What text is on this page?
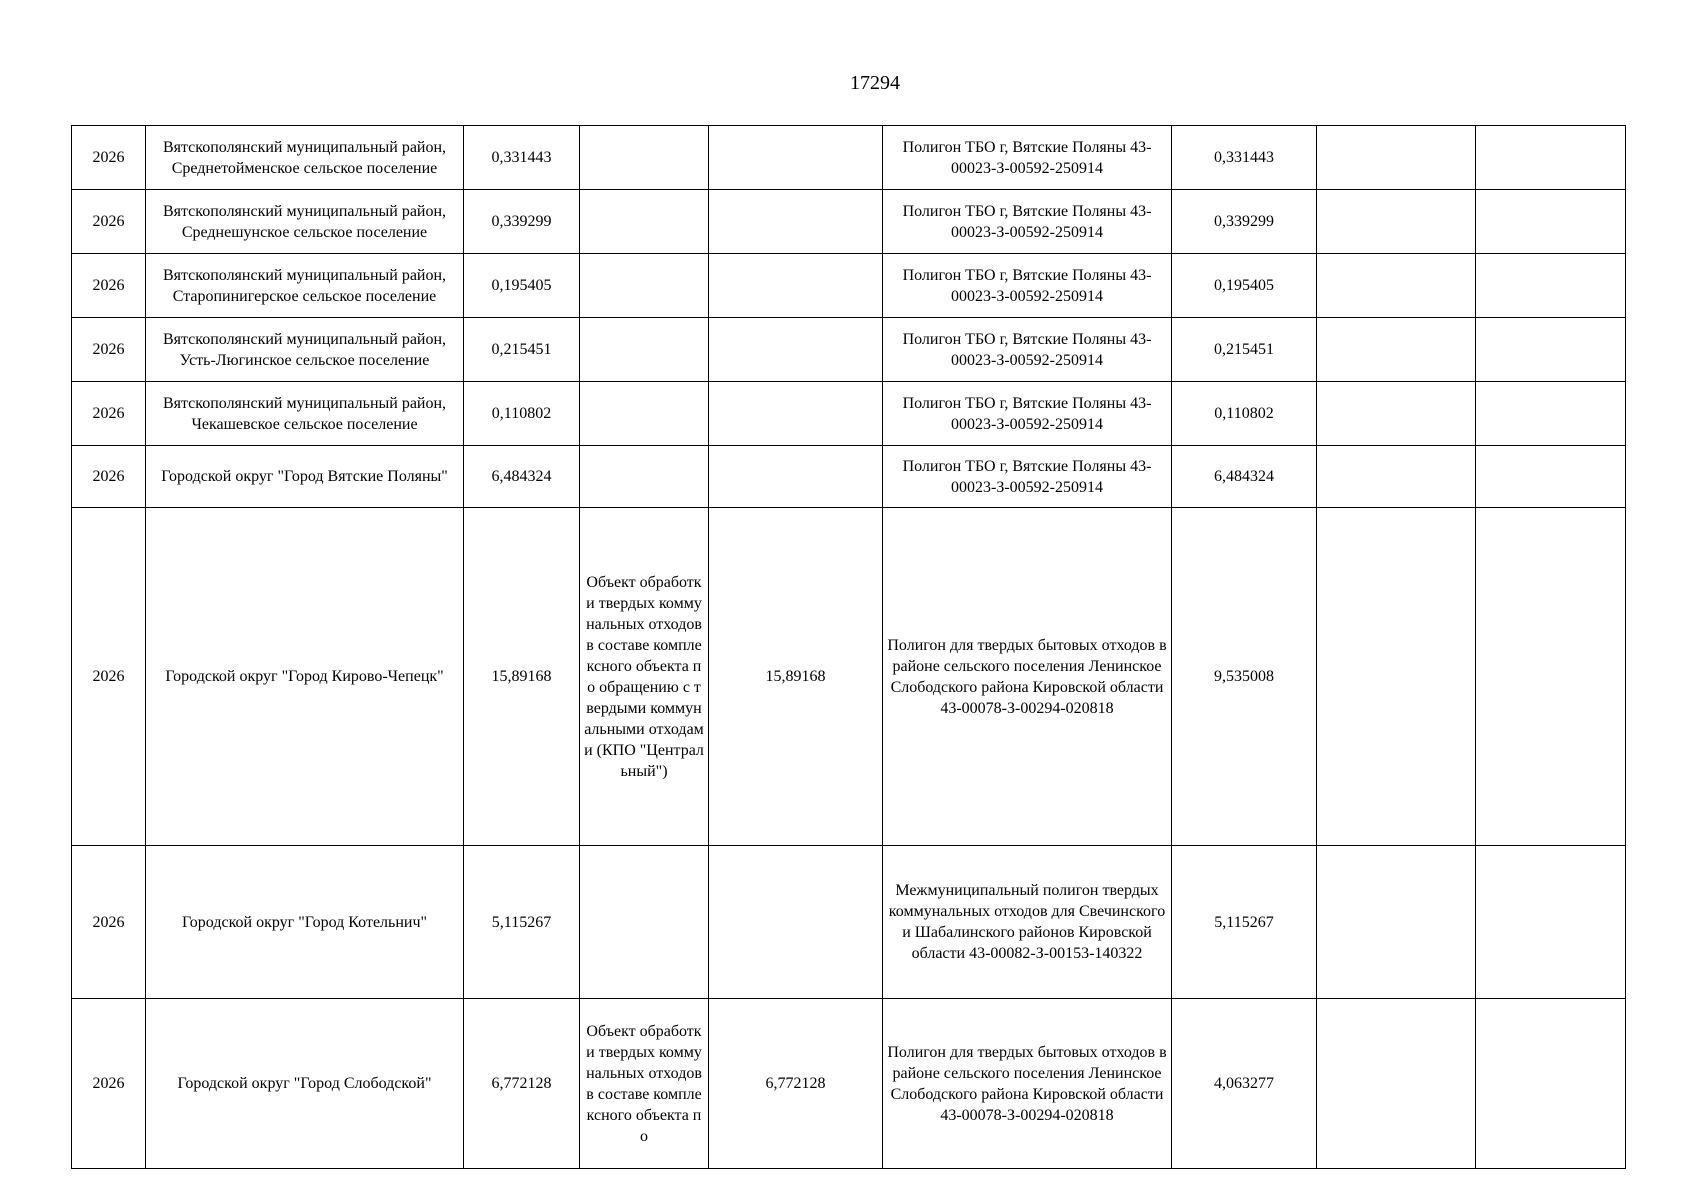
17294
2026	Вятскополянский муниципальный район, Среднетойменское сельское поселение	0,331443			Полигон ТБО г, Вятские Поляны 43-00023-З-00592-250914	0,331443		
2026	Вятскополянский муниципальный район, Среднешунское сельское поселение	0,339299			Полигон ТБО г, Вятские Поляны 43-00023-З-00592-250914	0,339299		
2026	Вятскополянский муниципальный район, Старопинигерское сельское поселение	0,195405			Полигон ТБО г, Вятские Поляны 43-00023-З-00592-250914	0,195405		
2026	Вятскополянский муниципальный район, Усть-Люгинское сельское поселение	0,215451			Полигон ТБО г, Вятские Поляны 43-00023-З-00592-250914	0,215451		
2026	Вятскополянский муниципальный район, Чекашевское сельское поселение	0,110802			Полигон ТБО г, Вятские Поляны 43-00023-З-00592-250914	0,110802		
2026	Городской округ "Город Вятские Поляны"	6,484324			Полигон ТБО г, Вятские Поляны 43-00023-З-00592-250914	6,484324		
2026	Городской округ "Город Кирово-Чепецк"	15,89168	Объект обработки твердых коммунальных отходов в составе комплексного объекта по обращению с твердыми коммунальными отходами (КПО "Центральный")	15,89168	Полигон для твердых бытовых отходов в районе сельского поселения Ленинское Слободского района Кировской области 43-00078-З-00294-020818	9,535008		
2026	Городской округ "Город Котельнич"	5,115267			Межмуниципальный полигон твердых коммунальных отходов для Свечинского и Шабалинского районов Кировской области 43-00082-З-00153-140322	5,115267		
2026	Городской округ "Город Слободской"	6,772128	Объект обработки твердых коммунальных отходов в составе комплексного объекта по	6,772128	Полигон для твердых бытовых отходов в районе сельского поселения Ленинское Слободского района Кировской области 43-00078-З-00294-020818	4,063277		
